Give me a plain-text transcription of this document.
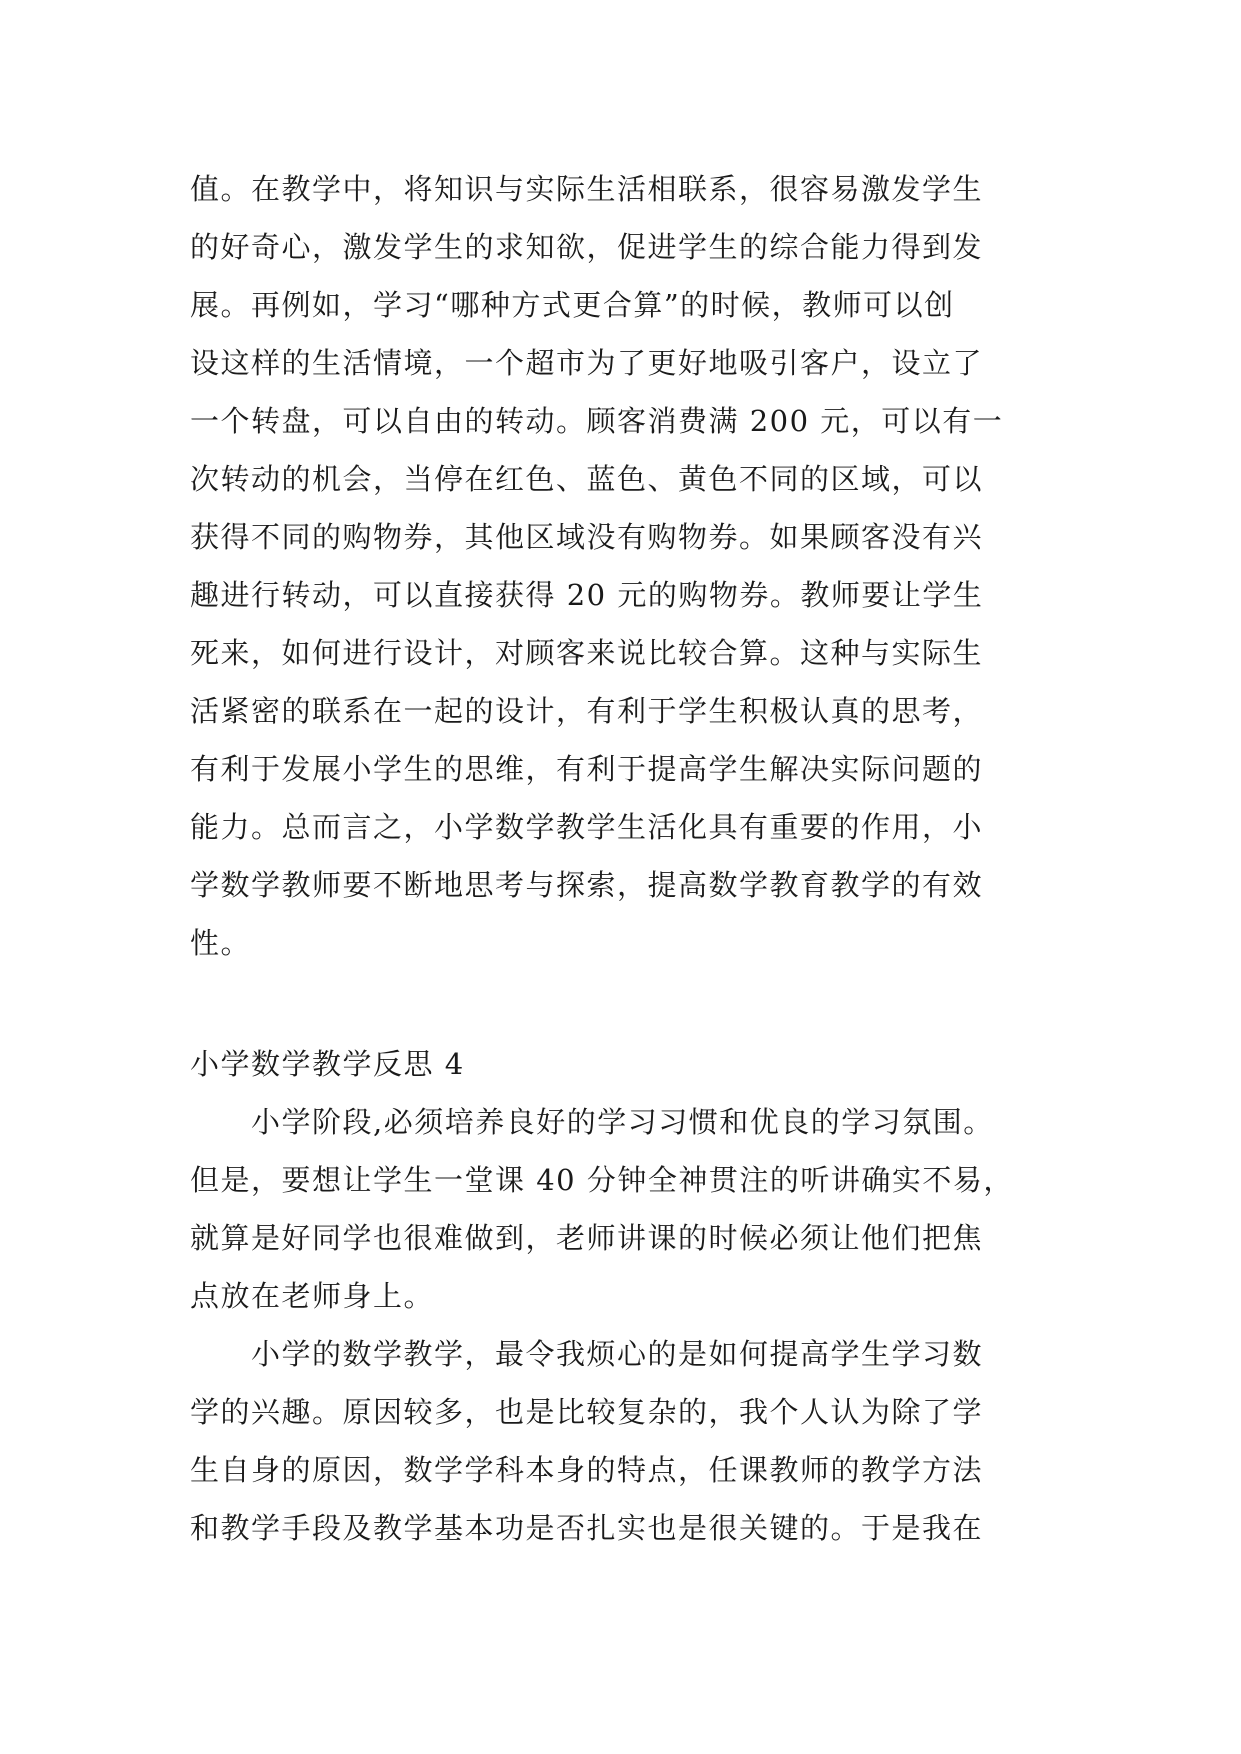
值。在教学中，将知识与实际生活相联系，很容易激发学生
的好奇心，激发学生的求知欲，促进学生的综合能力得到发
展。再例如，学习“哪种方式更合算”的时候，教师可以创
设这样的生活情境，一个超市为了更好地吸引客户，设立了
一个转盘，可以自由的转动。顾客消费满 200 元，可以有一
次转动的机会，当停在红色、蓝色、黄色不同的区域，可以
获得不同的购物券，其他区域没有购物券。如果顾客没有兴
趣进行转动，可以直接获得 20 元的购物券。教师要让学生
死来，如何进行设计，对顾客来说比较合算。这种与实际生
活紧密的联系在一起的设计，有利于学生积极认真的思考，
有利于发展小学生的思维，有利于提高学生解决实际问题的
能力。总而言之，小学数学教学生活化具有重要的作用，小
学数学教师要不断地思考与探索，提高数学教育教学的有效
性。
小学数学教学反思 4
　　小学阶段,必须培养良好的学习习惯和优良的学习氛围。
但是，要想让学生一堂课 40 分钟全神贯注的听讲确实不易，
就算是好同学也很难做到，老师讲课的时候必须让他们把焦
点放在老师身上。
　　小学的数学教学，最令我烦心的是如何提高学生学习数
学的兴趣。原因较多，也是比较复杂的，我个人认为除了学
生自身的原因，数学学科本身的特点，任课教师的教学方法
和教学手段及教学基本功是否扎实也是很关键的。于是我在
